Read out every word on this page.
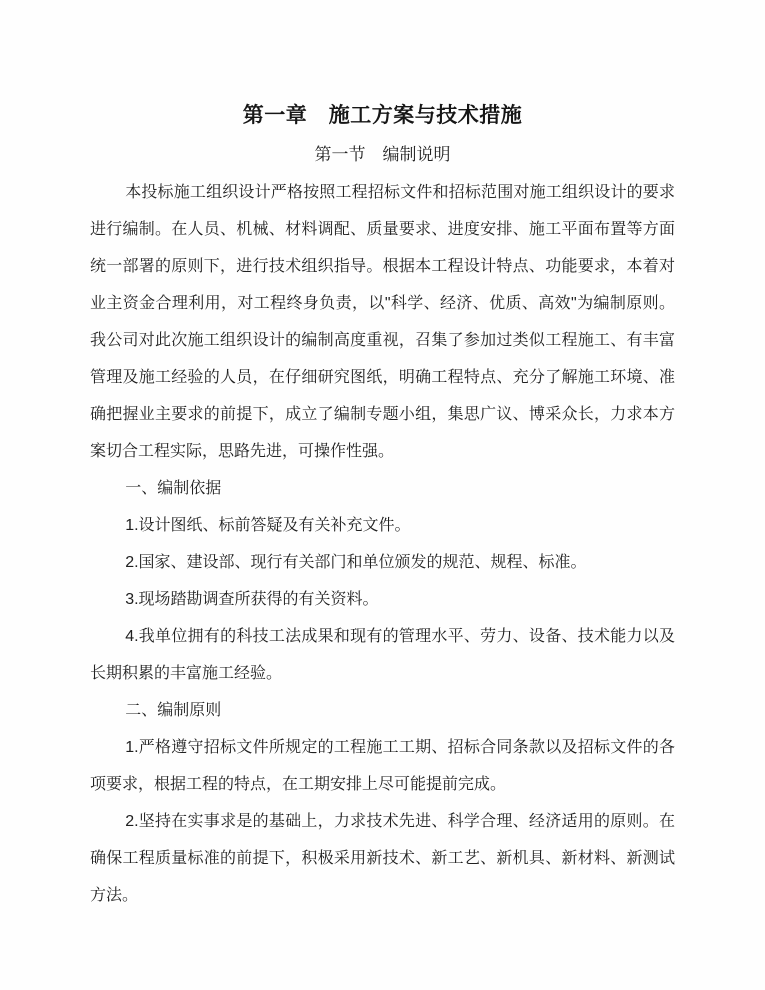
第一章　施工方案与技术措施
第一节　编制说明

本投标施工组织设计严格按照工程招标文件和招标范围对施工组织设计的要求进行编制。在人员、机械、材料调配、质量要求、进度安排、施工平面布置等方面统一部署的原则下，进行技术组织指导。根据本工程设计特点、功能要求，本着对业主资金合理利用，对工程终身负责，以"科学、经济、优质、高效"为编制原则。我公司对此次施工组织设计的编制高度重视，召集了参加过类似工程施工、有丰富管理及施工经验的人员，在仔细研究图纸，明确工程特点、充分了解施工环境、准确把握业主要求的前提下，成立了编制专题小组，集思广议、博采众长，力求本方案切合工程实际，思路先进，可操作性强。

一、编制依据

1.设计图纸、标前答疑及有关补充文件。

2.国家、建设部、现行有关部门和单位颁发的规范、规程、标准。

3.现场踏勘调查所获得的有关资料。

4.我单位拥有的科技工法成果和现有的管理水平、劳力、设备、技术能力以及长期积累的丰富施工经验。

二、编制原则

1.严格遵守招标文件所规定的工程施工工期、招标合同条款以及招标文件的各项要求，根据工程的特点，在工期安排上尽可能提前完成。

2.坚持在实事求是的基础上，力求技术先进、科学合理、经济适用的原则。在确保工程质量标准的前提下，积极采用新技术、新工艺、新机具、新材料、新测试方法。
